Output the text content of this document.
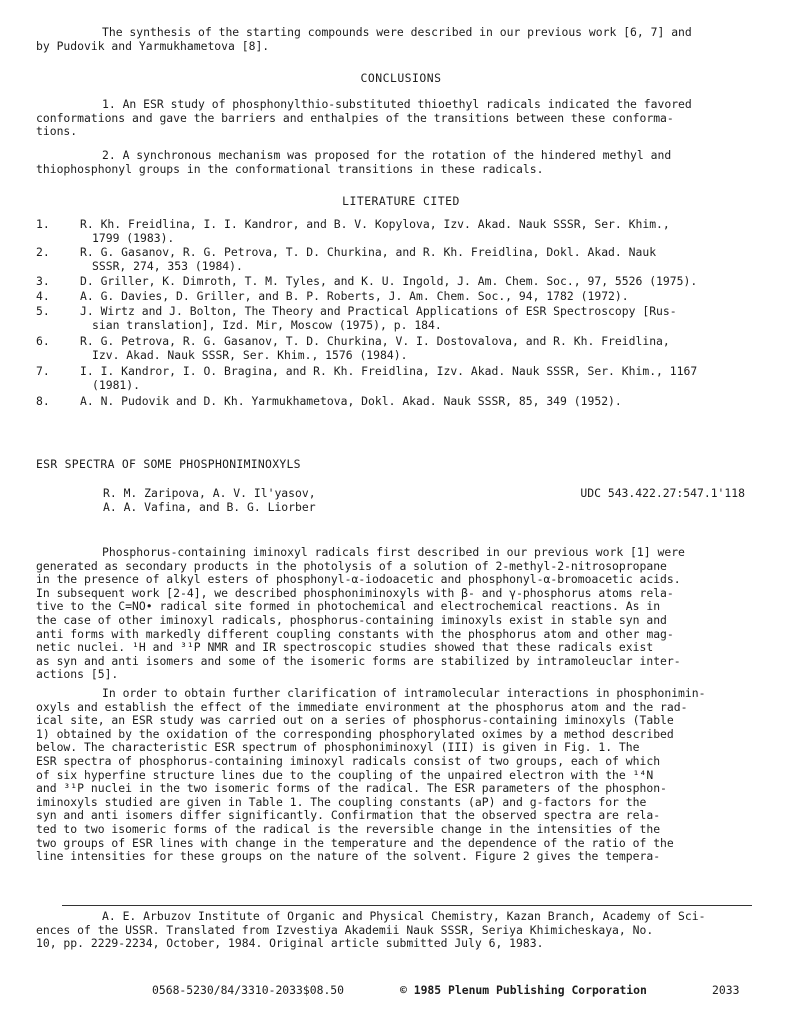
The synthesis of the starting compounds were described in our previous work [6, 7] and
by Pudovik and Yarmukhametova [8].
CONCLUSIONS
1. An ESR study of phosphonylthio-substituted thioethyl radicals indicated the favored
conformations and gave the barriers and enthalpies of the transitions between these conforma-
tions.
2. A synchronous mechanism was proposed for the rotation of the hindered methyl and
thiophosphonyl groups in the conformational transitions in these radicals.
LITERATURE CITED
1.	R. Kh. Freidlina, I. I. Kandror, and B. V. Kopylova, Izv. Akad. Nauk SSSR, Ser. Khim.,
1799 (1983).
2.	R. G. Gasanov, R. G. Petrova, T. D. Churkina, and R. Kh. Freidlina, Dokl. Akad. Nauk
SSSR, 274, 353 (1984).
3.	D. Griller, K. Dimroth, T. M. Tyles, and K. U. Ingold, J. Am. Chem. Soc., 97, 5526 (1975).
4.	A. G. Davies, D. Griller, and B. P. Roberts, J. Am. Chem. Soc., 94, 1782 (1972).
5.	J. Wirtz and J. Bolton, The Theory and Practical Applications of ESR Spectroscopy [Rus-
sian translation], Izd. Mir, Moscow (1975), p. 184.
6.	R. G. Petrova, R. G. Gasanov, T. D. Churkina, V. I. Dostovalova, and R. Kh. Freidlina,
Izv. Akad. Nauk SSSR, Ser. Khim., 1576 (1984).
7.	I. I. Kandror, I. O. Bragina, and R. Kh. Freidlina, Izv. Akad. Nauk SSSR, Ser. Khim., 1167
(1981).
8.	A. N. Pudovik and D. Kh. Yarmukhametova, Dokl. Akad. Nauk SSSR, 85, 349 (1952).
ESR SPECTRA OF SOME PHOSPHONIMINOXYLS
R. M. Zaripova, A. V. Il'yasov,
A. A. Vafina, and B. G. Liorber
UDC 543.422.27:547.1'118
Phosphorus-containing iminoxyl radicals first described in our previous work [1] were
generated as secondary products in the photolysis of a solution of 2-methyl-2-nitrosopropane
in the presence of alkyl esters of phosphonyl-α-iodoacetic and phosphonyl-α-bromoacetic acids.
In subsequent work [2-4], we described phosphoniminoxyls with β- and γ-phosphorus atoms rela-
tive to the C=NO• radical site formed in photochemical and electrochemical reactions. As in
the case of other iminoxyl radicals, phosphorus-containing iminoxyls exist in stable syn and
anti forms with markedly different coupling constants with the phosphorus atom and other mag-
netic nuclei. ¹H and ³¹P NMR and IR spectroscopic studies showed that these radicals exist
as syn and anti isomers and some of the isomeric forms are stabilized by intramoleuclar inter-
actions [5].
In order to obtain further clarification of intramolecular interactions in phosphonimin-
oxyls and establish the effect of the immediate environment at the phosphorus atom and the rad-
ical site, an ESR study was carried out on a series of phosphorus-containing iminoxyls (Table
1) obtained by the oxidation of the corresponding phosphorylated oximes by a method described
below. The characteristic ESR spectrum of phosphoniminoxyl (III) is given in Fig. 1. The
ESR spectra of phosphorus-containing iminoxyl radicals consist of two groups, each of which
of six hyperfine structure lines due to the coupling of the unpaired electron with the ¹⁴N
and ³¹P nuclei in the two isomeric forms of the radical. The ESR parameters of the phosphon-
iminoxyls studied are given in Table 1. The coupling constants (aP) and g-factors for the
syn and anti isomers differ significantly. Confirmation that the observed spectra are rela-
ted to two isomeric forms of the radical is the reversible change in the intensities of the
two groups of ESR lines with change in the temperature and the dependence of the ratio of the
line intensities for these groups on the nature of the solvent. Figure 2 gives the tempera-
A. E. Arbuzov Institute of Organic and Physical Chemistry, Kazan Branch, Academy of Sci-
ences of the USSR. Translated from Izvestiya Akademii Nauk SSSR, Seriya Khimicheskaya, No.
10, pp. 2229-2234, October, 1984. Original article submitted July 6, 1983.
0568-5230/84/3310-2033$08.50	© 1985 Plenum Publishing Corporation	2033
